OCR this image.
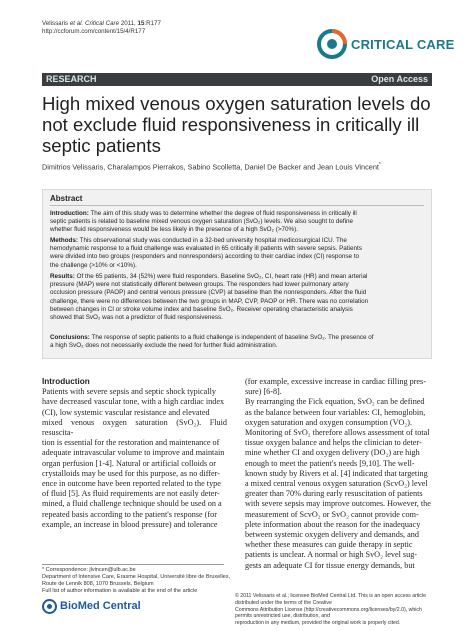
Velissaris et al. Critical Care 2011, 15:R177
http://ccforum.com/content/15/4/R177
CRITICAL CARE
RESEARCH	Open Access
High mixed venous oxygen saturation levels do
not exclude fluid responsiveness in critically ill
septic patients
Dimitrios Velissaris, Charalampos Pierrakos, Sabino Scolletta, Daniel De Backer and Jean Louis Vincent*
Abstract
Introduction: The aim of this study was to determine whether the degree of fluid responsiveness in critically ill
septic patients is related to baseline mixed venous oxygen saturation (SvO₂) levels. We also sought to define
whether fluid responsiveness would be less likely in the presence of a high SvO₂ (>70%).
Methods: This observational study was conducted in a 32-bed university hospital medicosurgical ICU. The
hemodynamic response to a fluid challenge was evaluated in 65 critically ill patients with severe sepsis. Patients
were divided into two groups (responders and nonresponders) according to their cardiac index (CI) response to
the challenge (>10% or <10%).
Results: Of the 65 patients, 34 (52%) were fluid responders. Baseline SvO₂, CI, heart rate (HR) and mean arterial
pressure (MAP) were not statistically different between groups. The responders had lower pulmonary artery
occlusion pressure (PAOP) and central venous pressure (CVP) at baseline than the nonresponders. After the fluid
challenge, there were no differences between the two groups in MAP, CVP, PAOP or HR. There was no correlation
between changes in CI or stroke volume index and baseline SvO₂. Receiver operating characteristic analysis
showed that SvO₂ was not a predictor of fluid responsiveness.
Conclusions: The response of septic patients to a fluid challenge is independent of baseline SvO₂. The presence of
a high SvO₂ does not necessarily exclude the need for further fluid administration.
Introduction
Patients with severe sepsis and septic shock typically
have decreased vascular tone, with a high cardiac index
(CI), low systemic vascular resistance and elevated
mixed venous oxygen saturation (SvO₂). Fluid resuscita-
tion is essential for the restoration and maintenance of
adequate intravascular volume to improve and maintain
organ perfusion [1-4]. Natural or artificial colloids or
crystalloids may be used for this purpose, as no differ-
ence in outcome have been reported related to the type
of fluid [5]. As fluid requirements are not easily deter-
mined, a fluid challenge technique should be used on a
repeated basis according to the patient's response (for
example, an increase in blood pressure) and tolerance
(for example, excessive increase in cardiac filling pres-
sure) [6-8].
By rearranging the Fick equation, SvO₂ can be defined
as the balance between four variables: CI, hemoglobin,
oxygen saturation and oxygen consumption (VO₂).
Monitoring of SvO₂ therefore allows assessment of total
tissue oxygen balance and helps the clinician to deter-
mine whether CI and oxygen delivery (DO₂) are high
enough to meet the patient's needs [9,10]. The well-
known study by Rivers et al. [4] indicated that targeting
a mixed central venous oxygen saturation (ScvO₂) level
greater than 70% during early resuscitation of patients
with severe sepsis may improve outcomes. However, the
measurement of ScvO₂ or SvO₂ cannot provide com-
plete information about the reason for the inadequacy
between systemic oxygen delivery and demands, and
whether these measures can guide therapy in septic
patients is unclear. A normal or high SvO₂ level sug-
gests an adequate CI for tissue energy demands, but
* Correspondence: jlvincen@ulb.ac.be
Department of Intensive Care, Erasme Hospital, Université libre de Bruxelles,
Route de Lennik 808, 1070 Brussels, Belgium
Full list of author information is available at the end of the article
BioMed Central
© 2011 Velissaris et al.; licensee BioMed Central Ltd. This is an open access article distributed under the terms of the Creative
Commons Attribution License (http://creativecommons.org/licenses/by/2.0), which permits unrestricted use, distribution, and
reproduction in any medium, provided the original work is properly cited.
